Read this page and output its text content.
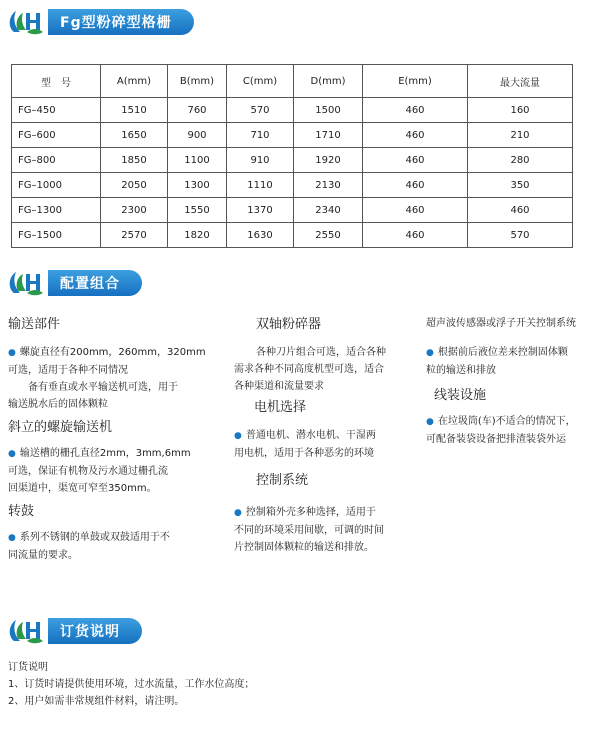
Fg型粉碎型格栅
型　号	A(mm)	B(mm)	C(mm)	D(mm)	E(mm)	最大流量
FG–450	1510	760	570	1500	460	160
FG–600	1650	900	710	1710	460	210
FG–800	1850	1100	910	1920	460	280
FG–1000	2050	1300	1110	2130	460	350
FG–1300	2300	1550	1370	2340	460	460
FG–1500	2570	1820	1630	2550	460	570
配置组合
输送部件

● 螺旋直径有200mm，260mm，320mm

可选，适用于各种不同情况

备有垂直或水平输送机可选，用于

输送脱水后的固体颗粒

斜立的螺旋输送机

● 输送槽的栅孔直径2mm，3mm,6mm

可选，保证有机物及污水通过栅孔流

回渠道中，渠宽可窄至350mm。

转鼓

● 系列不锈钢的单鼓或双鼓适用于不

同流量的要求。

双轴粉碎器

各种刀片组合可选，适合各种

需求各种不同高度机型可选，适合

各种渠道和流量要求

电机选择

● 普通电机、潜水电机、干湿两

用电机，适用于各种恶劣的环境

控制系统

● 控制箱外壳多种选择，适用于

不同的环境采用间歇，可调的时间

片控制固体颗粒的输送和排放。

超声波传感器或浮子开关控制系统

● 根据前后液位差来控制固体颗

粒的输送和排放

线装设施

● 在垃圾筒(车)不适合的情况下，

可配备装袋设备把排渣装袋外运

订货说明
订货说明
1、订货时请提供使用环境，过水流量，工作水位高度；
2、用户如需非常规组件材料，请注明。
